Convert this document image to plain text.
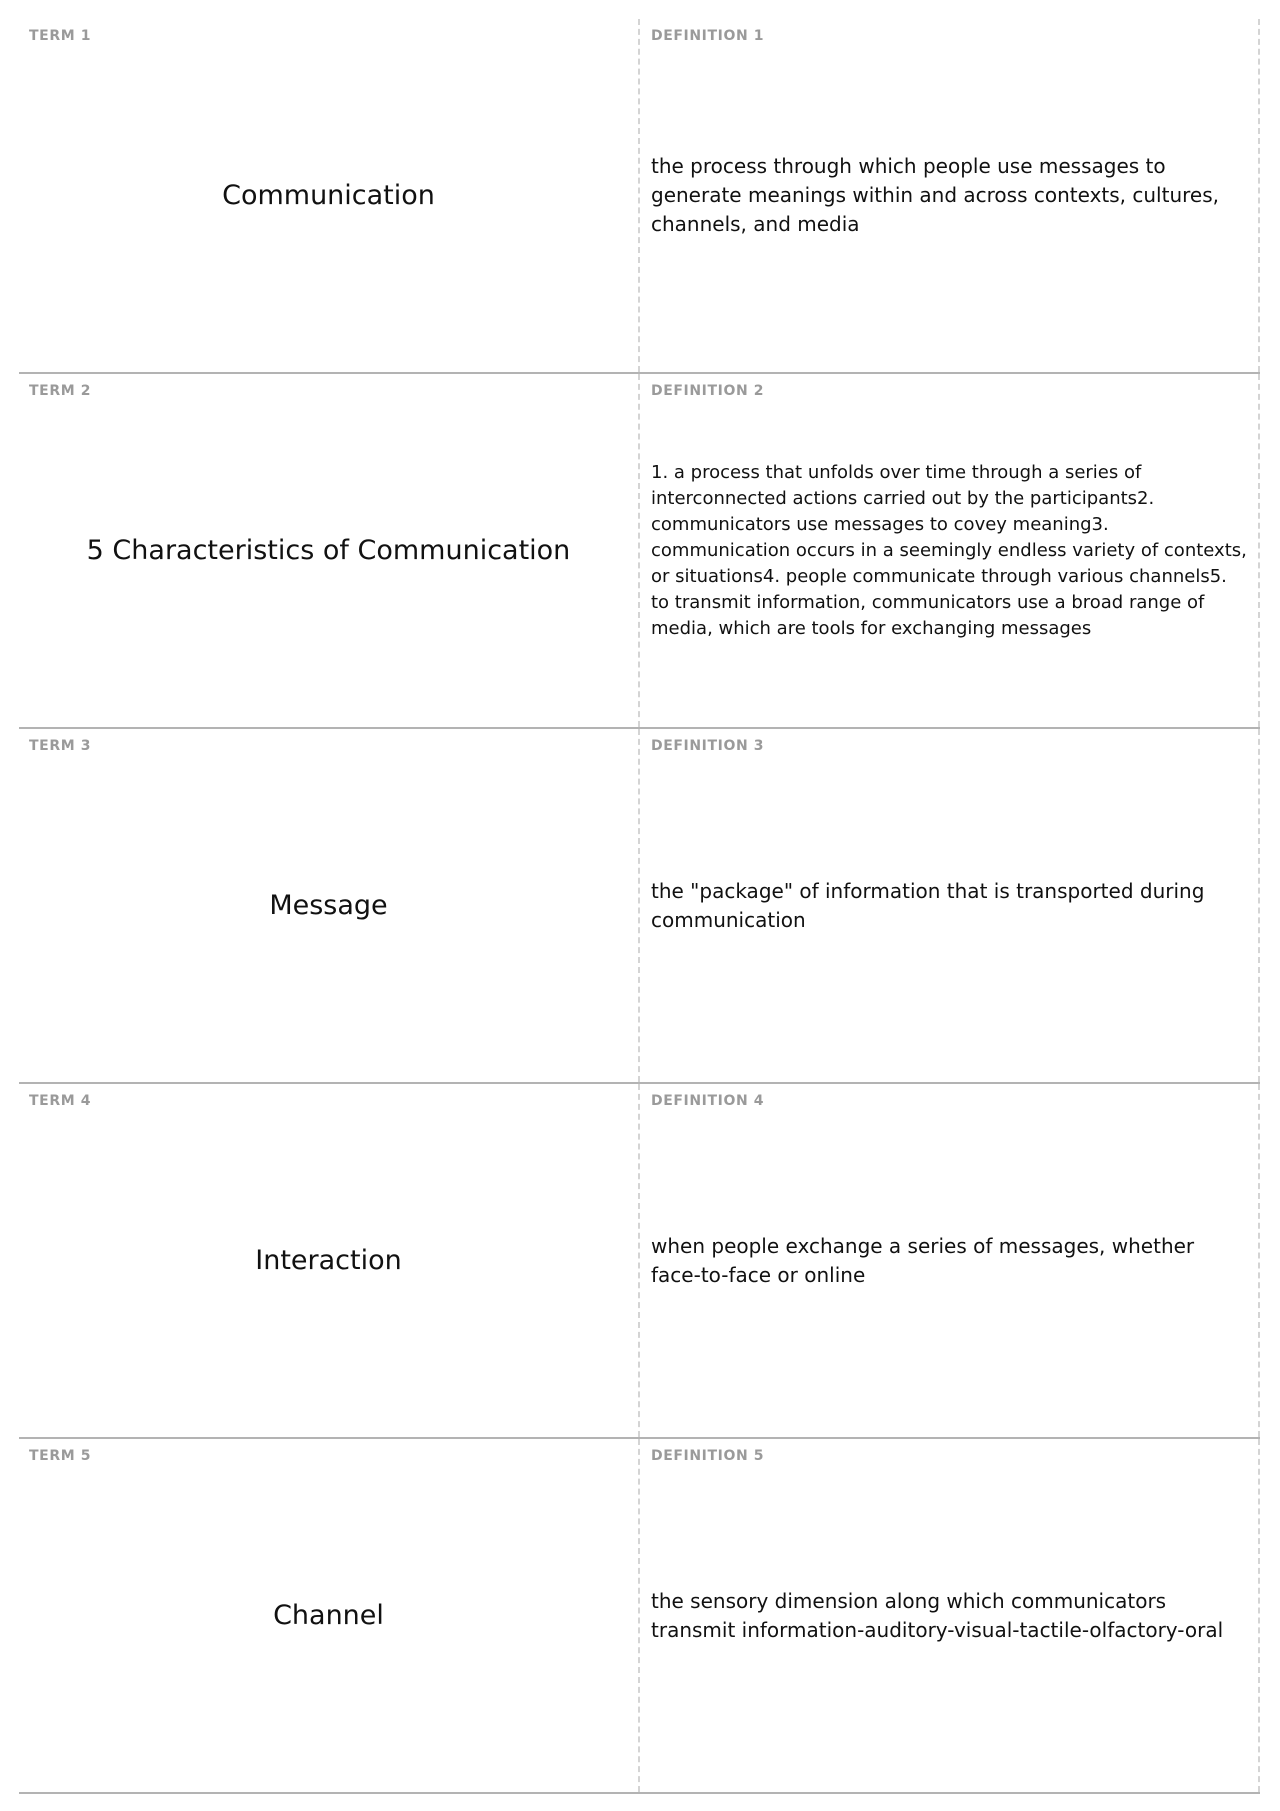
TERM 1
Communication
DEFINITION 1
the process through which people use messages to generate meanings within and across contexts, cultures, channels, and media
TERM 2
5 Characteristics of Communication
DEFINITION 2
1. a process that unfolds over time through a series of interconnected actions carried out by the participants2. communicators use messages to covey meaning3. communication occurs in a seemingly endless variety of contexts, or situations4. people communicate through various channels5. to transmit information, communicators use a broad range of media, which are tools for exchanging messages
TERM 3
Message
DEFINITION 3
the "package" of information that is transported during communication
TERM 4
Interaction
DEFINITION 4
when people exchange a series of messages, whether face-to-face or online
TERM 5
Channel
DEFINITION 5
the sensory dimension along which communicators transmit information-auditory-visual-tactile-olfactory-oral
